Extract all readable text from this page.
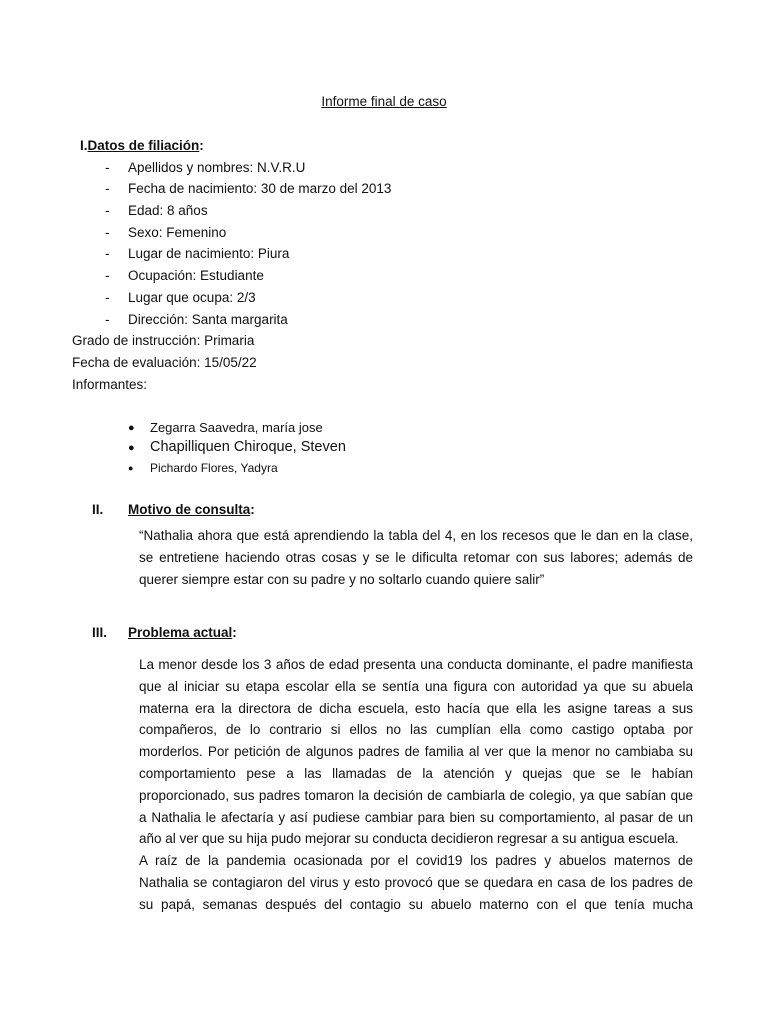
Informe final de caso
I.Datos de filiación:
- Apellidos y nombres: N.V.R.U
- Fecha de nacimiento: 30 de marzo del 2013
- Edad: 8 años
- Sexo: Femenino
- Lugar de nacimiento: Piura
- Ocupación: Estudiante
- Lugar que ocupa: 2/3
- Dirección: Santa margarita
Grado de instrucción: Primaria
Fecha de evaluación: 15/05/22
Informantes:
● Zegarra Saavedra, maría jose
● Chapilliquen Chiroque, Steven
● Pichardo Flores, Yadyra
II. Motivo de consulta:
“Nathalia ahora que está aprendiendo la tabla del 4, en los recesos que le dan en la clase,
se entretiene haciendo otras cosas y se le dificulta retomar con sus labores; además de
querer siempre estar con su padre y no soltarlo cuando quiere salir”
III. Problema actual:
La menor desde los 3 años de edad presenta una conducta dominante, el padre manifiesta
que al iniciar su etapa escolar ella se sentía una figura con autoridad ya que su abuela
materna era la directora de dicha escuela, esto hacía que ella les asigne tareas a sus
compañeros, de lo contrario si ellos no las cumplían ella como castigo optaba por
morderlos. Por petición de algunos padres de familia al ver que la menor no cambiaba su
comportamiento pese a las llamadas de la atención y quejas que se le habían
proporcionado, sus padres tomaron la decisión de cambiarla de colegio, ya que sabían que
a Nathalia le afectaría y así pudiese cambiar para bien su comportamiento, al pasar de un
año al ver que su hija pudo mejorar su conducta decidieron regresar a su antigua escuela.
A raíz de la pandemia ocasionada por el covid19 los padres y abuelos maternos de
Nathalia se contagiaron del virus y esto provocó que se quedara en casa de los padres de
su papá, semanas después del contagio su abuelo materno con el que tenía mucha
